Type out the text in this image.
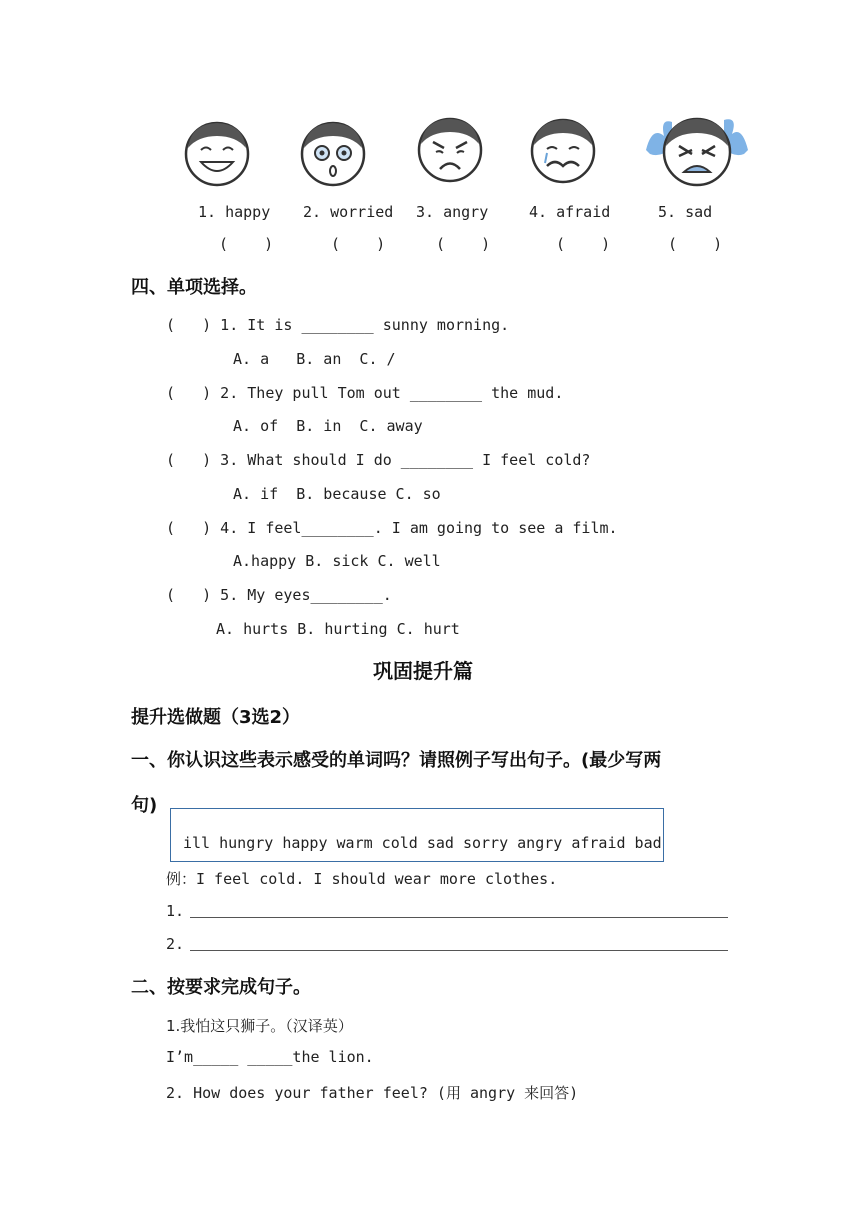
1. happy 2. worried 3. angry	4. afraid	5. sad
(    )	(    )	(    )	(    )	(    )
四、单项选择。
(   ) 1. It is ________ sunny morning.
A. a   B. an  C. /
(   ) 2. They pull Tom out ________ the mud.
A. of  B. in  C. away
(   ) 3. What should I do ________ I feel cold?
A. if  B. because C. so
(   ) 4. I feel________. I am going to see a film.
A.happy B. sick C. well
(   ) 5. My eyes________.
A. hurts B. hurting C. hurt
巩固提升篇
提升选做题（3选2）
一、你认识这些表示感受的单词吗？请照例子写出句子。(最少写两
句)
ill hungry happy warm cold sad sorry angry afraid bad
例：I feel cold. I should wear more clothes.
1.
2.
二、按要求完成句子。
1.我怕这只狮子。（汉译英）
I’m_____ _____the lion.
2. How does your father feel? (用 angry 来回答)
